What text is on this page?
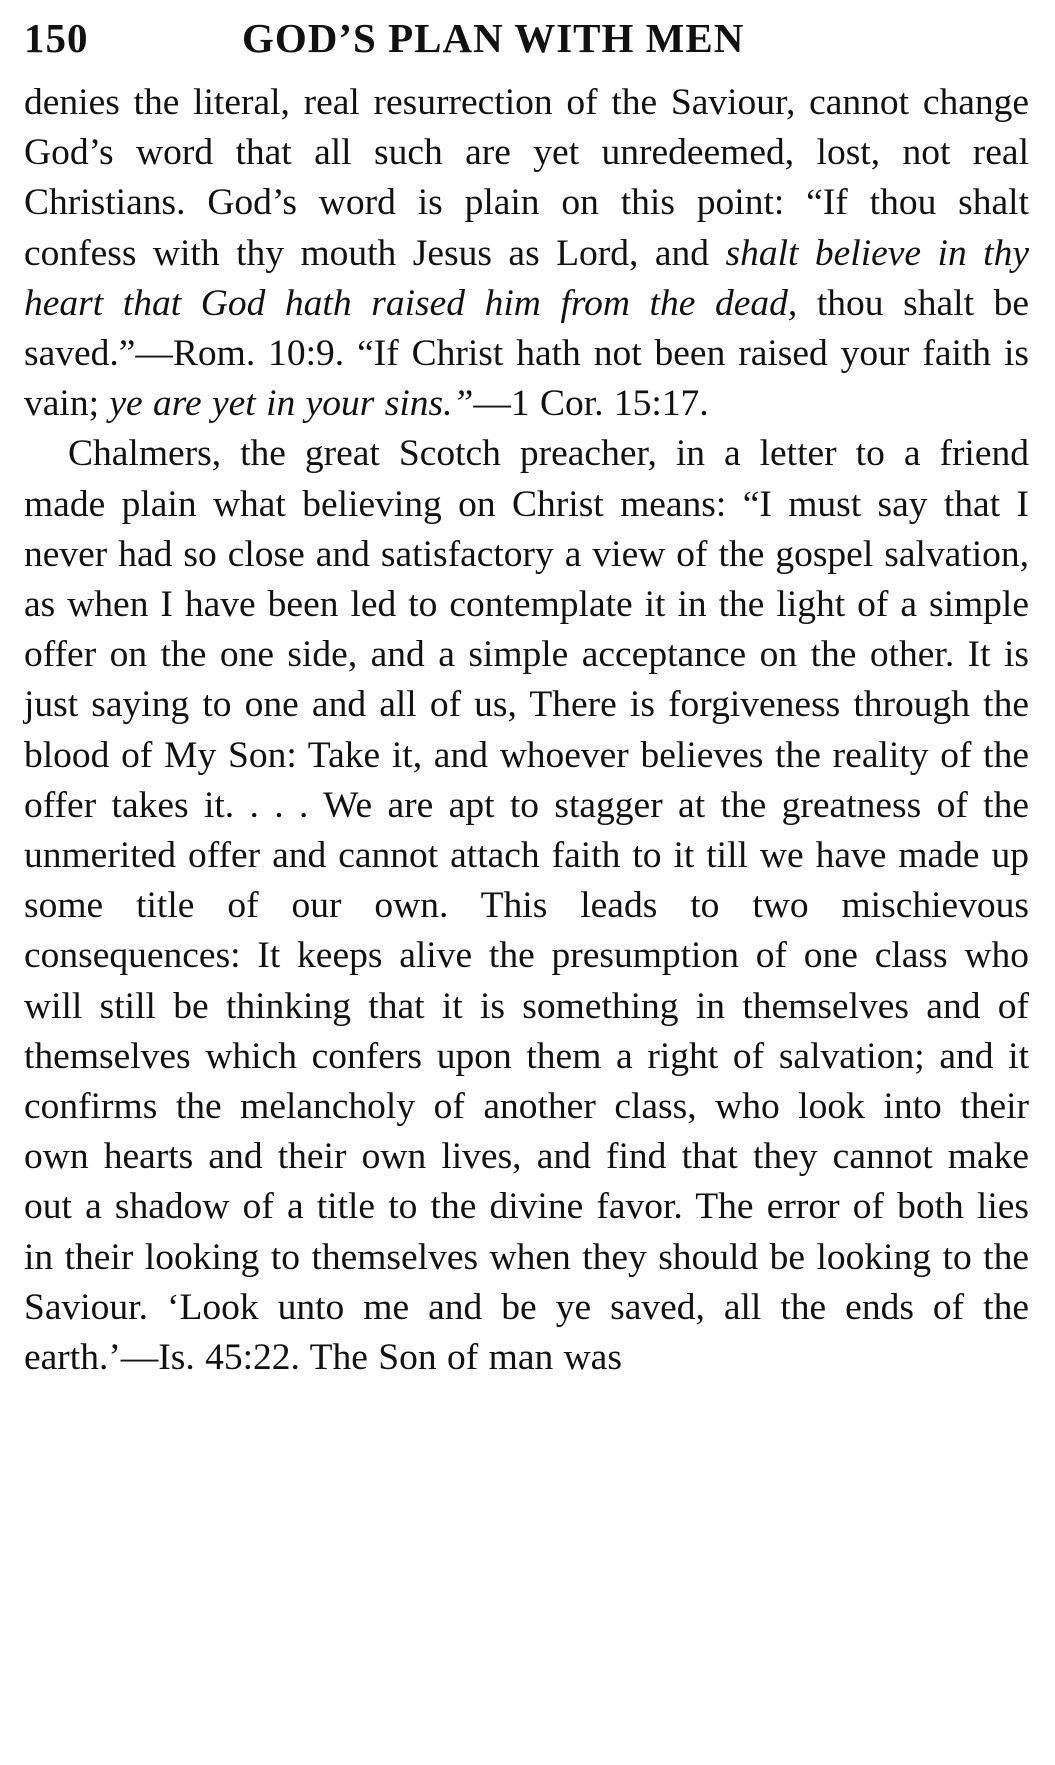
150	GOD’S PLAN WITH MEN

denies the literal, real resurrection of the Saviour, cannot change God’s word that all such are yet unredeemed, lost, not real Christians. God’s word is plain on this point: “If thou shalt confess with thy mouth Jesus as Lord, and shalt believe in thy heart that God hath raised him from the dead, thou shalt be saved.”—Rom. 10:9. “If Christ hath not been raised your faith is vain; ye are yet in your sins.”—1 Cor. 15:17.

Chalmers, the great Scotch preacher, in a letter to a friend made plain what believing on Christ means: “I must say that I never had so close and satisfactory a view of the gospel salvation, as when I have been led to contemplate it in the light of a simple offer on the one side, and a simple acceptance on the other. It is just saying to one and all of us, There is forgiveness through the blood of My Son: Take it, and whoever believes the reality of the offer takes it. . . . We are apt to stagger at the greatness of the unmerited offer and cannot attach faith to it till we have made up some title of our own. This leads to two mischievous consequences: It keeps alive the presumption of one class who will still be thinking that it is something in themselves and of themselves which confers upon them a right of salvation; and it confirms the melancholy of another class, who look into their own hearts and their own lives, and find that they cannot make out a shadow of a title to the divine favor. The error of both lies in their looking to themselves when they should be looking to the Saviour. ‘Look unto me and be ye saved, all the ends of the earth.’—Is. 45:22. The Son of man was
